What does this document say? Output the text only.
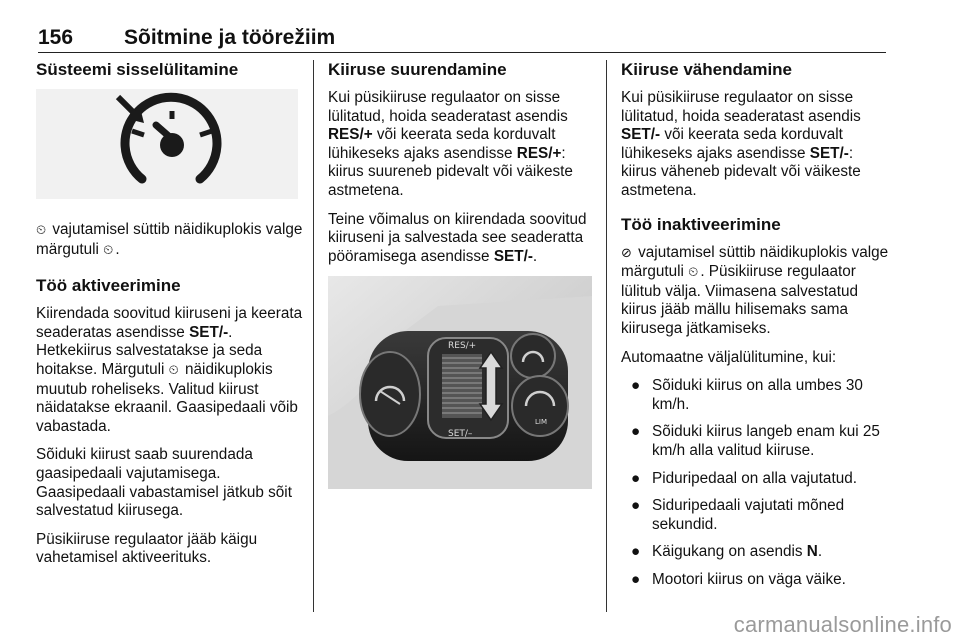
156 Sõitmine ja töörežiim
Süsteemi sisselülitamine

⏲ vajutamisel süttib näidikuplokis valge märgutuli ⏲ .

Töö aktiveerimine

Kiirendada soovitud kiiruseni ja keerata seaderatas asendisse SET/-. Hetkekiirus salvestatakse ja seda hoitakse. Märgutuli ⏲ näidikuplokis muutub roheliseks. Valitud kiirust näidatakse ekraanil. Gaasipedaali võib vabastada.

Sõiduki kiirust saab suurendada gaasipedaali vajutamisega. Gaasipedaali vabastamisel jätkub sõit salvestatud kiirusega.

Püsikiiruse regulaator jääb käigu vahetamisel aktiveerituks.

Kiiruse suurendamine

Kui püsikiiruse regulaator on sisse lülitatud, hoida seaderatast asendis RES/+ või keerata seda korduvalt lühikeseks ajaks asendisse RES/+: kiirus suureneb pidevalt või väikeste astmetena.

Teine võimalus on kiirendada soovitud kiiruseni ja salvestada see seaderatta pööramisega asendisse SET/-.

RES/+
SET/–
LIM
Kiiruse vähendamine

Kui püsikiiruse regulaator on sisse lülitatud, hoida seaderatast asendis SET/- või keerata seda korduvalt lühikeseks ajaks asendisse SET/-: kiirus väheneb pidevalt või väikeste astmetena.

Töö inaktiveerimine

⊘ vajutamisel süttib näidikuplokis valge märgutuli ⏲ . Püsikiiruse regulaator lülitub välja. Viimasena salvestatud kiirus jääb mällu hilisemaks sama kiirusega jätkamiseks.

Automaatne väljalülitumine, kui:

● Sõiduki kiirus on alla umbes 30 km/h.
● Sõiduki kiirus langeb enam kui 25 km/h alla valitud kiiruse.
● Piduripedaal on alla vajutatud.
● Siduripedaali vajutati mõned sekundid.
● Käigukang on asendis N.
● Mootori kiirus on väga väike.
carmanualsonline.info
